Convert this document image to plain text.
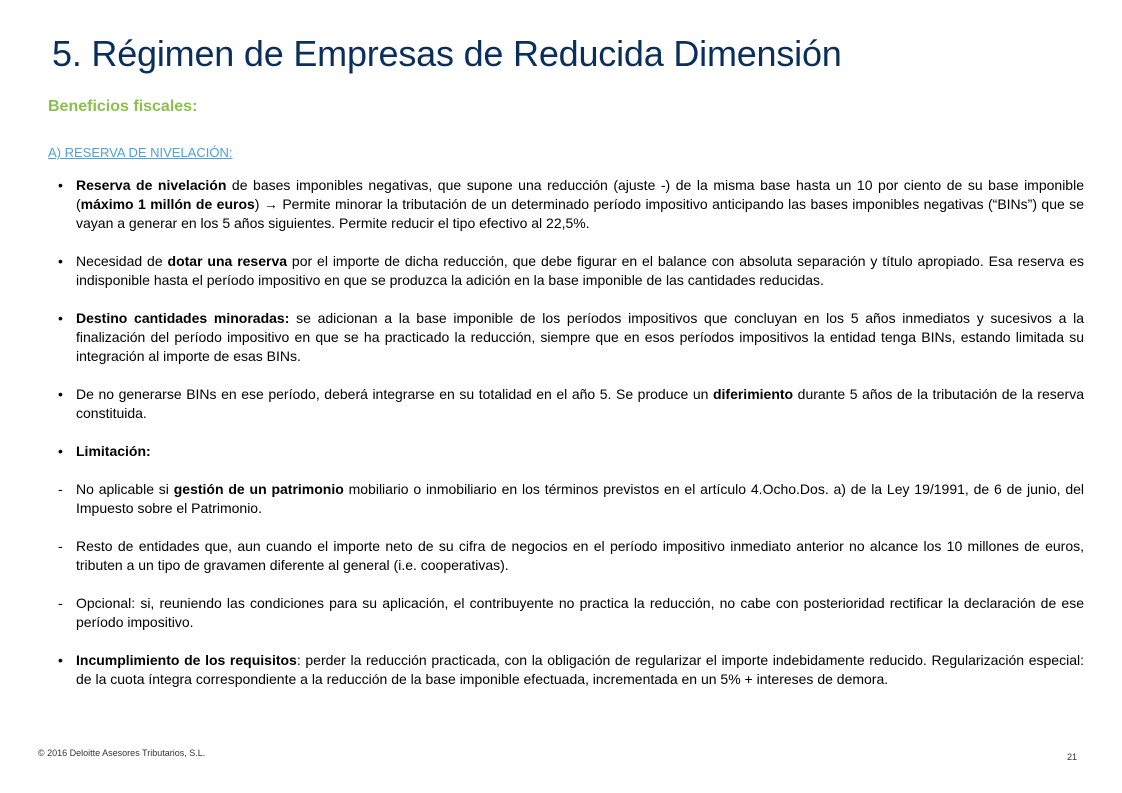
5. Régimen de Empresas de Reducida Dimensión
Beneficios fiscales:
A) RESERVA DE NIVELACIÓN:
• Reserva de nivelación de bases imponibles negativas, que supone una reducción (ajuste -) de la misma base hasta un 10 por ciento de su base imponible (máximo 1 millón de euros) → Permite minorar la tributación de un determinado período impositivo anticipando las bases imponibles negativas (“BINs”) que se vayan a generar en los 5 años siguientes. Permite reducir el tipo efectivo al 22,5%.
• Necesidad de dotar una reserva por el importe de dicha reducción, que debe figurar en el balance con absoluta separación y título apropiado. Esa reserva es indisponible hasta el período impositivo en que se produzca la adición en la base imponible de las cantidades reducidas.
• Destino cantidades minoradas: se adicionan a la base imponible de los períodos impositivos que concluyan en los 5 años inmediatos y sucesivos a la finalización del período impositivo en que se ha practicado la reducción, siempre que en esos períodos impositivos la entidad tenga BINs, estando limitada su integración al importe de esas BINs.
• De no generarse BINs en ese período, deberá integrarse en su totalidad en el año 5. Se produce un diferimiento durante 5 años de la tributación de la reserva constituida.
• Limitación:
- No aplicable si gestión de un patrimonio mobiliario o inmobiliario en los términos previstos en el artículo 4.Ocho.Dos. a) de la Ley 19/1991, de 6 de junio, del Impuesto sobre el Patrimonio.
- Resto de entidades que, aun cuando el importe neto de su cifra de negocios en el período impositivo inmediato anterior no alcance los 10 millones de euros, tributen a un tipo de gravamen diferente al general (i.e. cooperativas).
- Opcional: si, reuniendo las condiciones para su aplicación, el contribuyente no practica la reducción, no cabe con posterioridad rectificar la declaración de ese período impositivo.
• Incumplimiento de los requisitos: perder la reducción practicada, con la obligación de regularizar el importe indebidamente reducido. Regularización especial: de la cuota íntegra correspondiente a la reducción de la base imponible efectuada, incrementada en un 5% + intereses de demora.
© 2016 Deloitte Asesores Tributarios, S.L.	21
